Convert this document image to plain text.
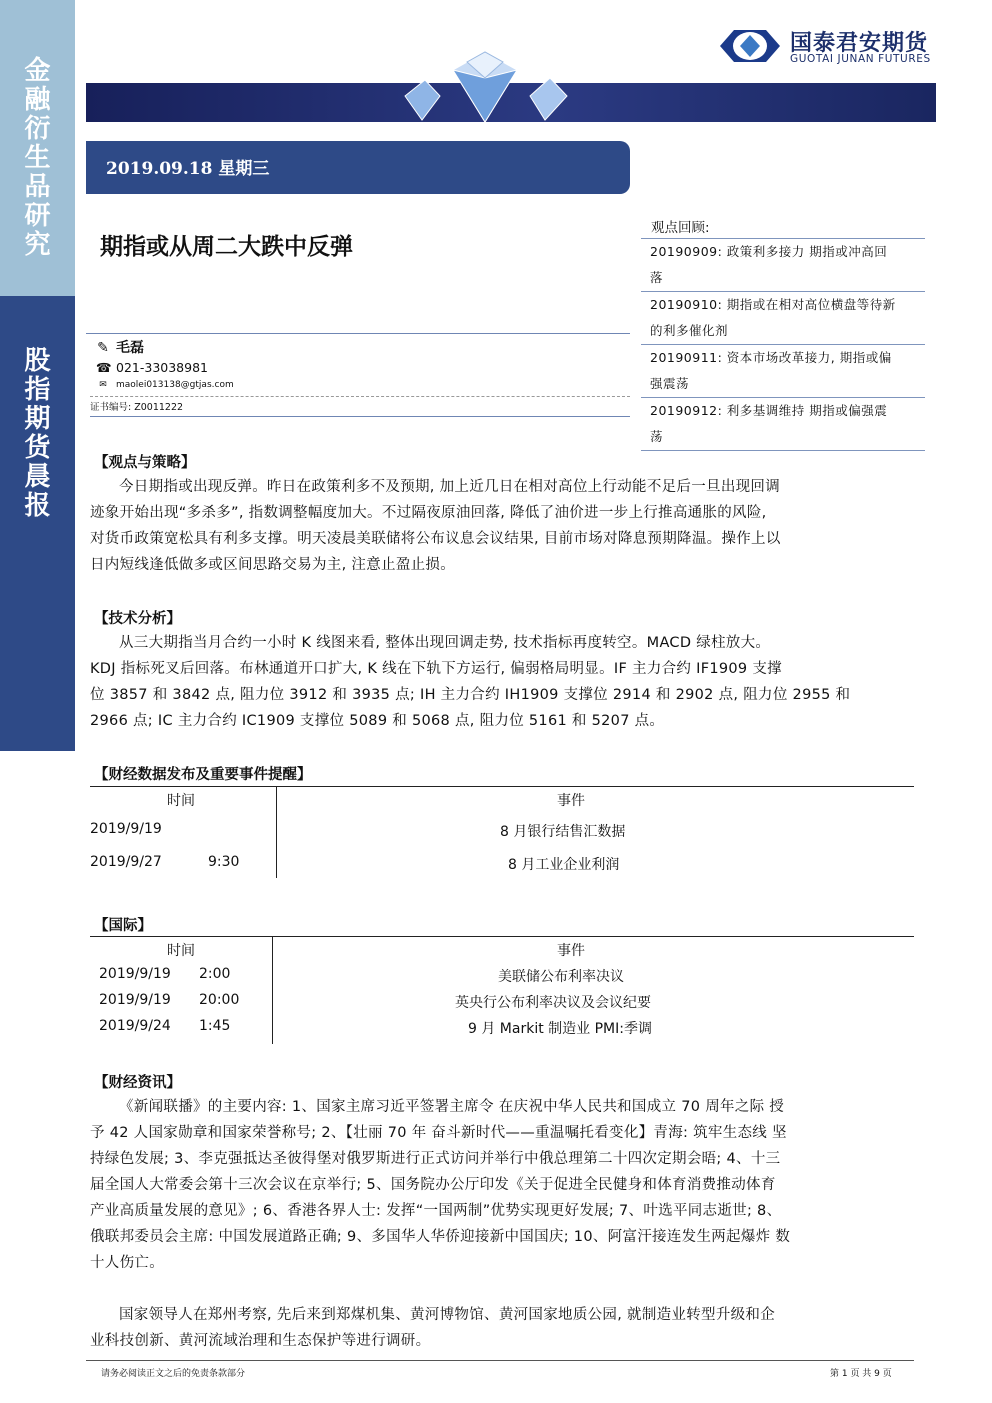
金
融
衍
生
品
研
究
股
指
期
货
晨
报
国泰君安期货
GUOTAI JUNAN FUTURES
2019.09.18 星期三
期指或从周二大跌中反弹
观点回顾:
20190909: 政策利多接力 期指或冲高回
落
20190910: 期指或在相对高位横盘等待新
的利多催化剂
20190911: 资本市场改革接力, 期指或偏
强震荡
20190912: 利多基调维持 期指或偏强震
荡
✎ 毛磊
☎ 021-33038981
✉ maolei013138@gtjas.com
证书编号: Z0011222
【观点与策略】
今日期指或出现反弹。昨日在政策利多不及预期, 加上近几日在相对高位上行动能不足后一旦出现回调
迹象开始出现“多杀多”, 指数调整幅度加大。不过隔夜原油回落, 降低了油价进一步上行推高通胀的风险,
对货币政策宽松具有利多支撑。明天凌晨美联储将公布议息会议结果, 目前市场对降息预期降温。操作上以
日内短线逢低做多或区间思路交易为主, 注意止盈止损。
【技术分析】
从三大期指当月合约一小时 K 线图来看, 整体出现回调走势, 技术指标再度转空。MACD 绿柱放大。
KDJ 指标死叉后回落。布林通道开口扩大, K 线在下轨下方运行, 偏弱格局明显。IF 主力合约 IF1909 支撑
位 3857 和 3842 点, 阻力位 3912 和 3935 点; IH 主力合约 IH1909 支撑位 2914 和 2902 点, 阻力位 2955 和
2966 点; IC 主力合约 IC1909 支撑位 5089 和 5068 点, 阻力位 5161 和 5207 点。
【财经数据发布及重要事件提醒】
时间	事件
2019/9/19	8 月银行结售汇数据
2019/9/27	9:30	8 月工业企业利润
【国际】
时间	事件
2019/9/19 2:00	美联储公布利率决议
2019/9/19 20:00	英央行公布利率决议及会议纪要
2019/9/24 1:45	9 月 Markit 制造业 PMI:季调
【财经资讯】
《新闻联播》的主要内容: 1、国家主席习近平签署主席令 在庆祝中华人民共和国成立 70 周年之际 授
予 42 人国家勋章和国家荣誉称号; 2、【壮丽 70 年 奋斗新时代——重温嘱托看变化】青海: 筑牢生态线 坚
持绿色发展; 3、李克强抵达圣彼得堡对俄罗斯进行正式访问并举行中俄总理第二十四次定期会晤; 4、十三
届全国人大常委会第十三次会议在京举行; 5、国务院办公厅印发《关于促进全民健身和体育消费推动体育
产业高质量发展的意见》; 6、香港各界人士: 发挥“一国两制”优势实现更好发展; 7、叶选平同志逝世; 8、
俄联邦委员会主席: 中国发展道路正确; 9、多国华人华侨迎接新中国国庆; 10、阿富汗接连发生两起爆炸 数
十人伤亡。
国家领导人在郑州考察, 先后来到郑煤机集、黄河博物馆、黄河国家地质公园, 就制造业转型升级和企
业科技创新、黄河流域治理和生态保护等进行调研。
请务必阅读正文之后的免责条款部分	第 1 页 共 9 页
